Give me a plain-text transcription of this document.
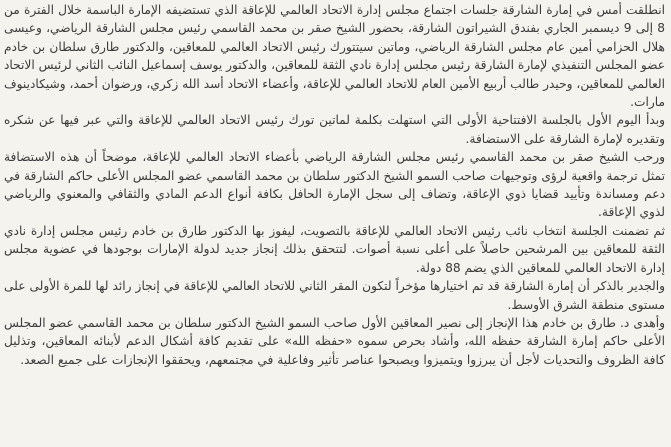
انطلقت أمس في إمارة الشارقة جلسات اجتماع مجلس إدارة الاتحاد العالمي للإعاقة الذي تستضيفه الإمارة الباسمة خلال الفترة من 8 إلى 9 ديسمبر الجاري بفندق الشيراتون الشارقة، بحضور الشيخ صقر بن محمد القاسمي رئيس مجلس الشارقة الرياضي، وعيسى هلال الحزامي أمين عام مجلس الشارقة الرياضي، وماتين سيتتورك رئيس الاتحاد العالمي للمعاقين، والدكتور طارق سلطان بن خادم عضو المجلس التنفيذي لإمارة الشارقة رئيس مجلس إدارة نادي الثقة للمعاقين، والدكتور يوسف إسماعيل النائب الثاني لرئيس الاتحاد العالمي للمعاقين، وحيدر طالب أربيع الأمين العام للاتحاد العالمي للإعاقة، وأعضاء الاتحاد أسد الله زكري، ورضوان أحمد، وشيكادينوف مارات.

وبدأ اليوم الأول بالجلسة الافتتاحية الأولى التي استهلت بكلمة لماتين تورك رئيس الاتحاد العالمي للإعاقة والتي عبر فيها عن شكره وتقديره لإمارة الشارقة على الاستضافة.

ورحب الشيخ صقر بن محمد القاسمي رئيس مجلس الشارقة الرياضي بأعضاء الاتحاد العالمي للإعاقة، موضحاً أن هذه الاستضافة تمثل ترجمة واقعية لرؤى وتوجيهات صاحب السمو الشيخ الدكتور سلطان بن محمد القاسمي عضو المجلس الأعلى حاكم الشارقة في دعم ومساندة وتأييد قضايا ذوي الإعاقة، وتضاف إلى سجل الإمارة الحافل بكافة أنواع الدعم المادي والثقافي والمعنوي والرياضي لذوي الإعاقة.

ثم تضمنت الجلسة انتخاب نائب رئيس الاتحاد العالمي للإعاقة بالتصويت، ليفوز بها الدكتور طارق بن خادم رئيس مجلس إدارة نادي الثقة للمعاقين بين المرشحين حاصلاً على أعلى نسبة أصوات. لتتحقق بذلك إنجاز جديد لدولة الإمارات بوجودها في عضوية مجلس إدارة الاتحاد العالمي للمعاقين الذي يضم 88 دولة.

والجدير بالذكر أن إمارة الشارقة قد تم اختيارها مؤخراً لتكون المقر الثاني للاتحاد العالمي للإعاقة في إنجاز رائد لها للمرة الأولى على مستوى منطقة الشرق الأوسط.

وأهدى د. طارق بن خادم هذا الإنجاز إلى نصير المعاقين الأول صاحب السمو الشيخ الدكتور سلطان بن محمد القاسمي عضو المجلس الأعلى حاكم إمارة الشارقة حفظه الله، وأشاد بحرص سموه «حفظه الله» على تقديم كافة أشكال الدعم لأبنائه المعاقين، وتذليل كافة الظروف والتحديات لأجل أن يبرزوا ويتميزوا ويصبحوا عناصر تأثير وفاعلية في مجتمعهم، ويحققوا الإنجازات على جميع الصعد.
